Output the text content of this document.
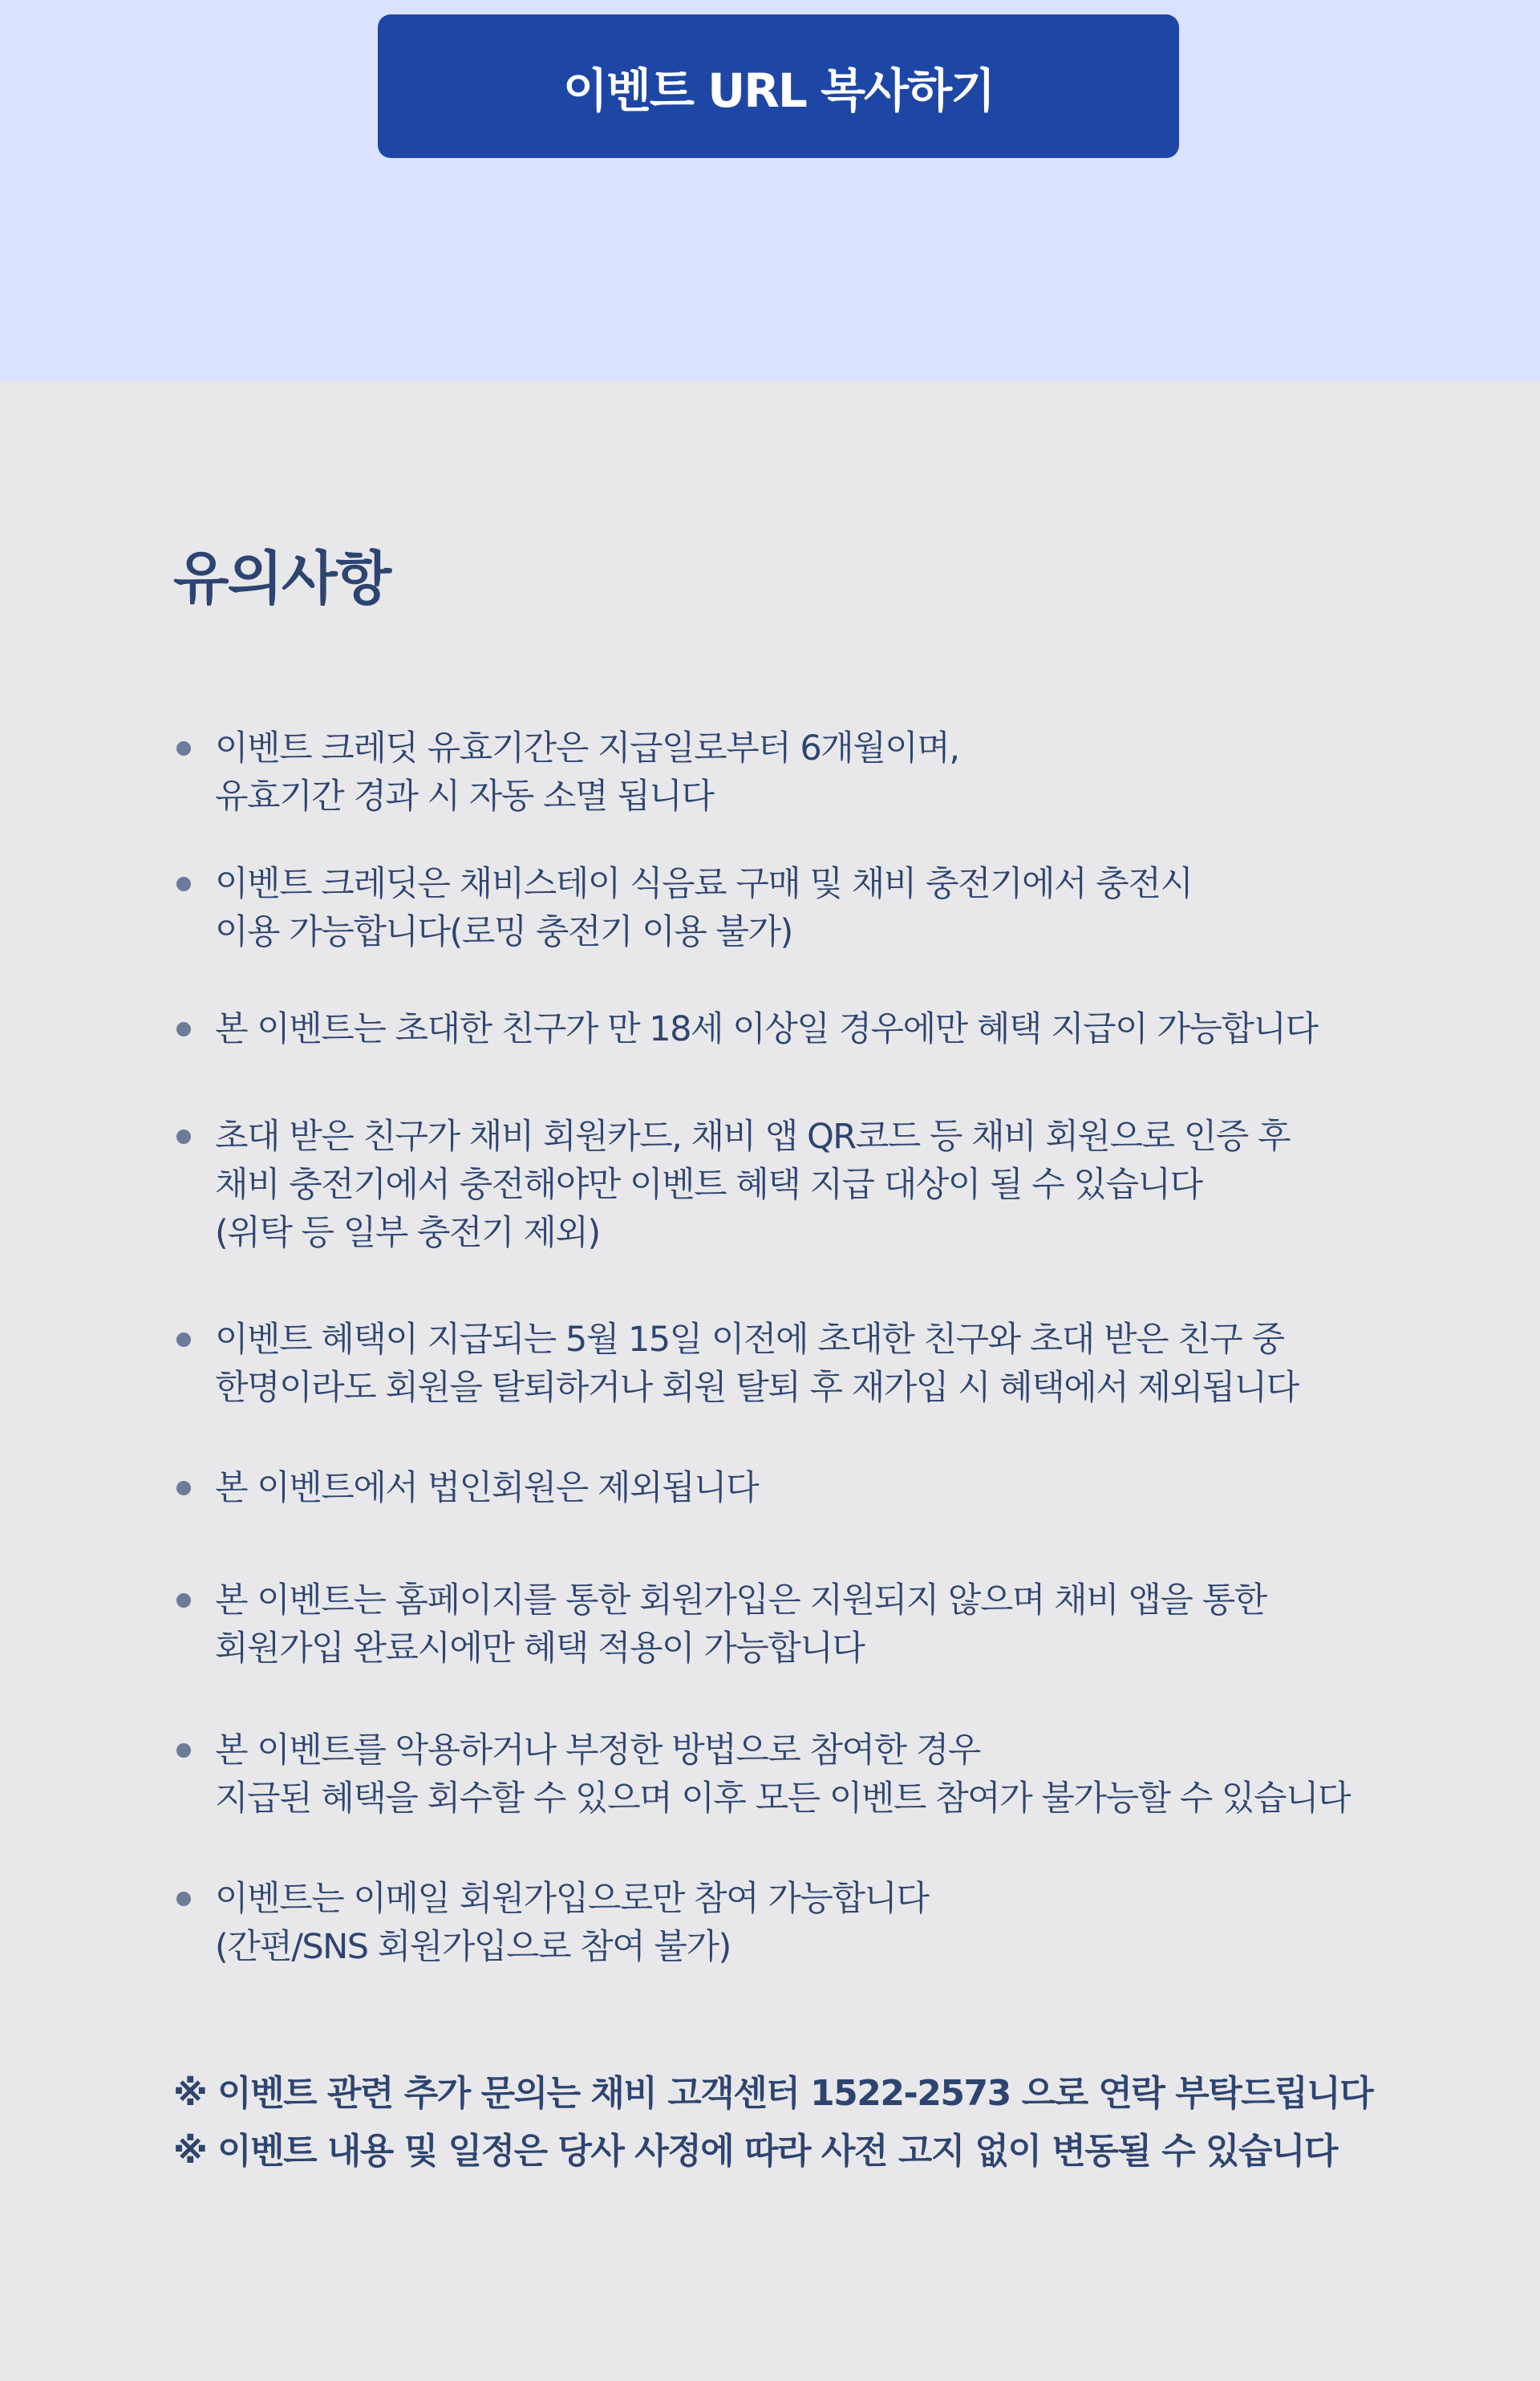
이벤트 URL 복사하기
유의사항
이벤트 크레딧 유효기간은 지급일로부터 6개월이며,
유효기간 경과 시 자동 소멸 됩니다
이벤트 크레딧은 채비스테이 식음료 구매 및 채비 충전기에서 충전시
이용 가능합니다(로밍 충전기 이용 불가)
본 이벤트는 초대한 친구가 만 18세 이상일 경우에만 혜택 지급이 가능합니다
초대 받은 친구가 채비 회원카드, 채비 앱 QR코드 등 채비 회원으로 인증 후
채비 충전기에서 충전해야만 이벤트 혜택 지급 대상이 될 수 있습니다
(위탁 등 일부 충전기 제외)
이벤트 혜택이 지급되는 5월 15일 이전에 초대한 친구와 초대 받은 친구 중
한명이라도 회원을 탈퇴하거나 회원 탈퇴 후 재가입 시 혜택에서 제외됩니다
본 이벤트에서 법인회원은 제외됩니다
본 이벤트는 홈페이지를 통한 회원가입은 지원되지 않으며 채비 앱을 통한
회원가입 완료시에만 혜택 적용이 가능합니다
본 이벤트를 악용하거나 부정한 방법으로 참여한 경우
지급된 혜택을 회수할 수 있으며 이후 모든 이벤트 참여가 불가능할 수 있습니다
이벤트는 이메일 회원가입으로만 참여 가능합니다
(간편/SNS 회원가입으로 참여 불가)
※ 이벤트 관련 추가 문의는 채비 고객센터 1522-2573 으로 연락 부탁드립니다
※ 이벤트 내용 및 일정은 당사 사정에 따라 사전 고지 없이 변동될 수 있습니다
